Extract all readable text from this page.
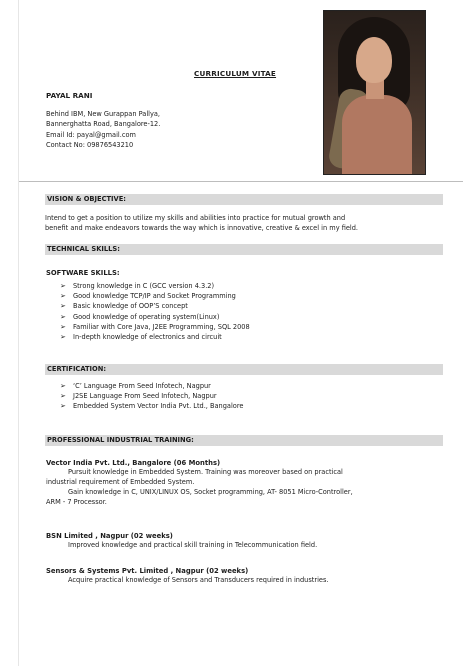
CURRICULUM VITAE
PAYAL RANI
Behind IBM, New Gurappan Pallya,
Bannerghatta Road, Bangalore-12.
Email Id: payal@gmail.com
Contact No: 09876543210
VISION & OBJECTIVE:
Intend to get a position to utilize my skills and abilities into practice for mutual growth and
benefit and make endeavors towards the way which is innovative, creative & excel in my field.
TECHNICAL SKILLS:
SOFTWARE SKILLS:
➢ Strong knowledge in C (GCC version 4.3.2)
➢ Good knowledge TCP/IP and Socket Programming
➢ Basic knowledge of OOP’S concept
➢ Good knowledge of operating system(Linux)
➢ Familiar with Core Java, J2EE Programming, SQL 2008
➢ In-depth knowledge of electronics and circuit
CERTIFICATION:
➢ ‘C’ Language From Seed Infotech, Nagpur
➢ J2SE Language From Seed Infotech, Nagpur
➢ Embedded System Vector India Pvt. Ltd., Bangalore
PROFESSIONAL INDUSTRIAL TRAINING:
Vector India Pvt. Ltd., Bangalore (06 Months)
Pursuit knowledge in Embedded System. Training was moreover based on practical
industrial requirement of Embedded System.
Gain knowledge in C, UNIX/LINUX OS, Socket programming, AT- 8051 Micro-Controller,
ARM - 7 Processor.
BSN Limited , Nagpur (02 weeks)
Improved knowledge and practical skill training in Telecommunication field.
Sensors & Systems Pvt. Limited , Nagpur (02 weeks)
Acquire practical knowledge of Sensors and Transducers required in industries.
